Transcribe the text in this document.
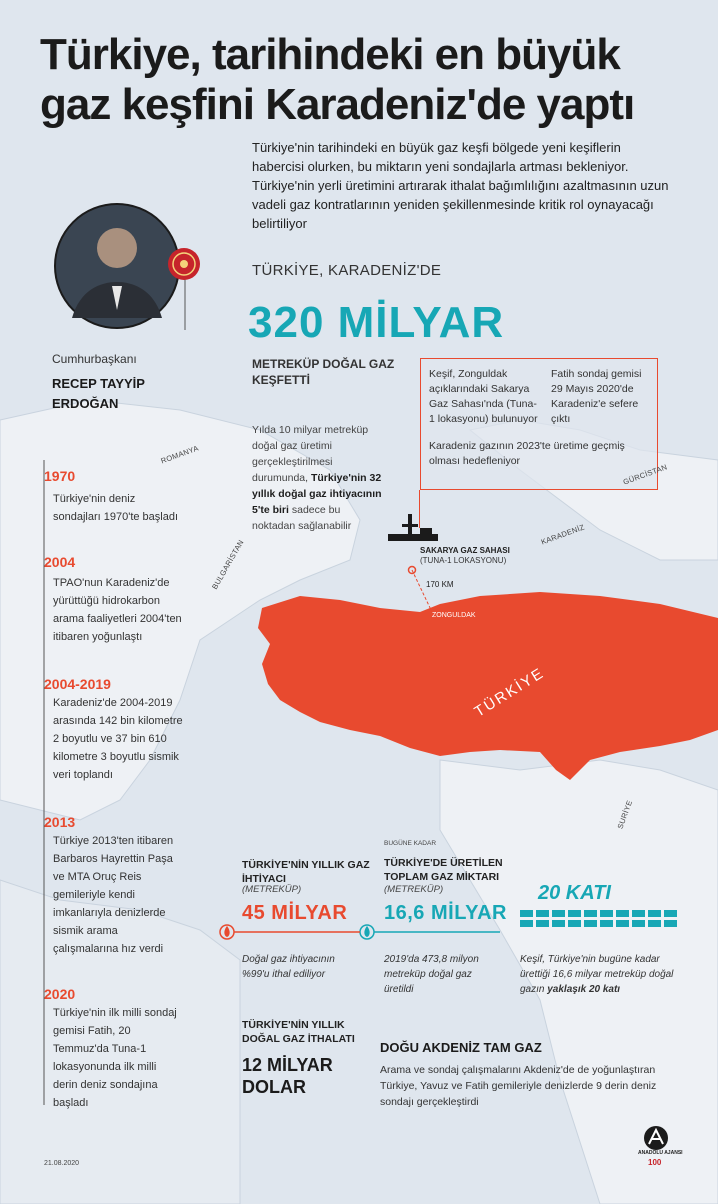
Türkiye, tarihindeki en büyük gaz keşfini Karadeniz'de yaptı
Türkiye'nin tarihindeki en büyük gaz keşfi bölgede yeni keşiflerin habercisi olurken, bu miktarın yeni sondajlarla artması bekleniyor. Türkiye'nin yerli üretimini artırarak ithalat bağımlılığını azaltmasının uzun vadeli gaz kontratlarının yeniden şekillenmesinde kritik rol oynayacağı belirtiliyor
TÜRKİYE, KARADENİZ'DE
320 MİLYAR
METREKÜP DOĞAL GAZ KEŞFETTİ
Yılda 10 milyar metreküp doğal gaz üretimi gerçekleştirilmesi durumunda, Türkiye'nin 32 yıllık doğal gaz ihtiyacının 5'te biri sadece bu noktadan sağlanabilir
Keşif, Zonguldak açıklarındaki Sakarya Gaz Sahası'nda (Tuna-1 lokasyonu) bulunuyor
Fatih sondaj gemisi 29 Mayıs 2020'de Karadeniz'e sefere çıktı
Karadeniz gazının 2023'te üretime geçmiş olması hedefleniyor
Cumhurbaşkanı
RECEP TAYYİP ERDOĞAN
1970
Türkiye'nin deniz sondajları 1970'te başladı
2004
TPAO'nun Karadeniz'de yürüttüğü hidrokarbon arama faaliyetleri 2004'ten itibaren yoğunlaştı
2004-2019
Karadeniz'de 2004-2019 arasında 142 bin kilometre 2 boyutlu ve 37 bin 610 kilometre 3 boyutlu sismik veri toplandı
2013
Türkiye 2013'ten itibaren Barbaros Hayrettin Paşa ve MTA Oruç Reis gemileriyle kendi imkanlarıyla denizlerde sismik arama çalışmalarına hız verdi
2020
Türkiye'nin ilk milli sondaj gemisi Fatih, 20 Temmuz'da Tuna-1 lokasyonunda ilk milli derin deniz sondajına başladı
ROMANYA
BULGARİSTAN
KARADENİZ
GÜRCİSTAN
SURİYE
TÜRKİYE
SAKARYA GAZ SAHASI
(TUNA-1 LOKASYONU)
170 KM
ZONGULDAK
TÜRKİYE'NİN YILLIK GAZ İHTİYACI
(METREKÜP)
45 MİLYAR
Doğal gaz ihtiyacının %99'u ithal ediliyor
BUGÜNE KADAR
TÜRKİYE'DE ÜRETİLEN TOPLAM GAZ MİKTARI
(METREKÜP)
16,6 MİLYAR
2019'da 473,8 milyon metreküp doğal gaz üretildi
20 KATI
Keşif, Türkiye'nin bugüne kadar ürettiği 16,6 milyar metreküp doğal gazın yaklaşık 20 katı
TÜRKİYE'NİN YILLIK DOĞAL GAZ İTHALATI
12 MİLYAR DOLAR
DOĞU AKDENİZ TAM GAZ
Arama ve sondaj çalışmalarını Akdeniz'de de yoğunlaştıran Türkiye, Yavuz ve Fatih gemileriyle denizlerde 9 derin deniz sondajı gerçekleştirdi
21.08.2020
ANADOLU AJANSI
100
